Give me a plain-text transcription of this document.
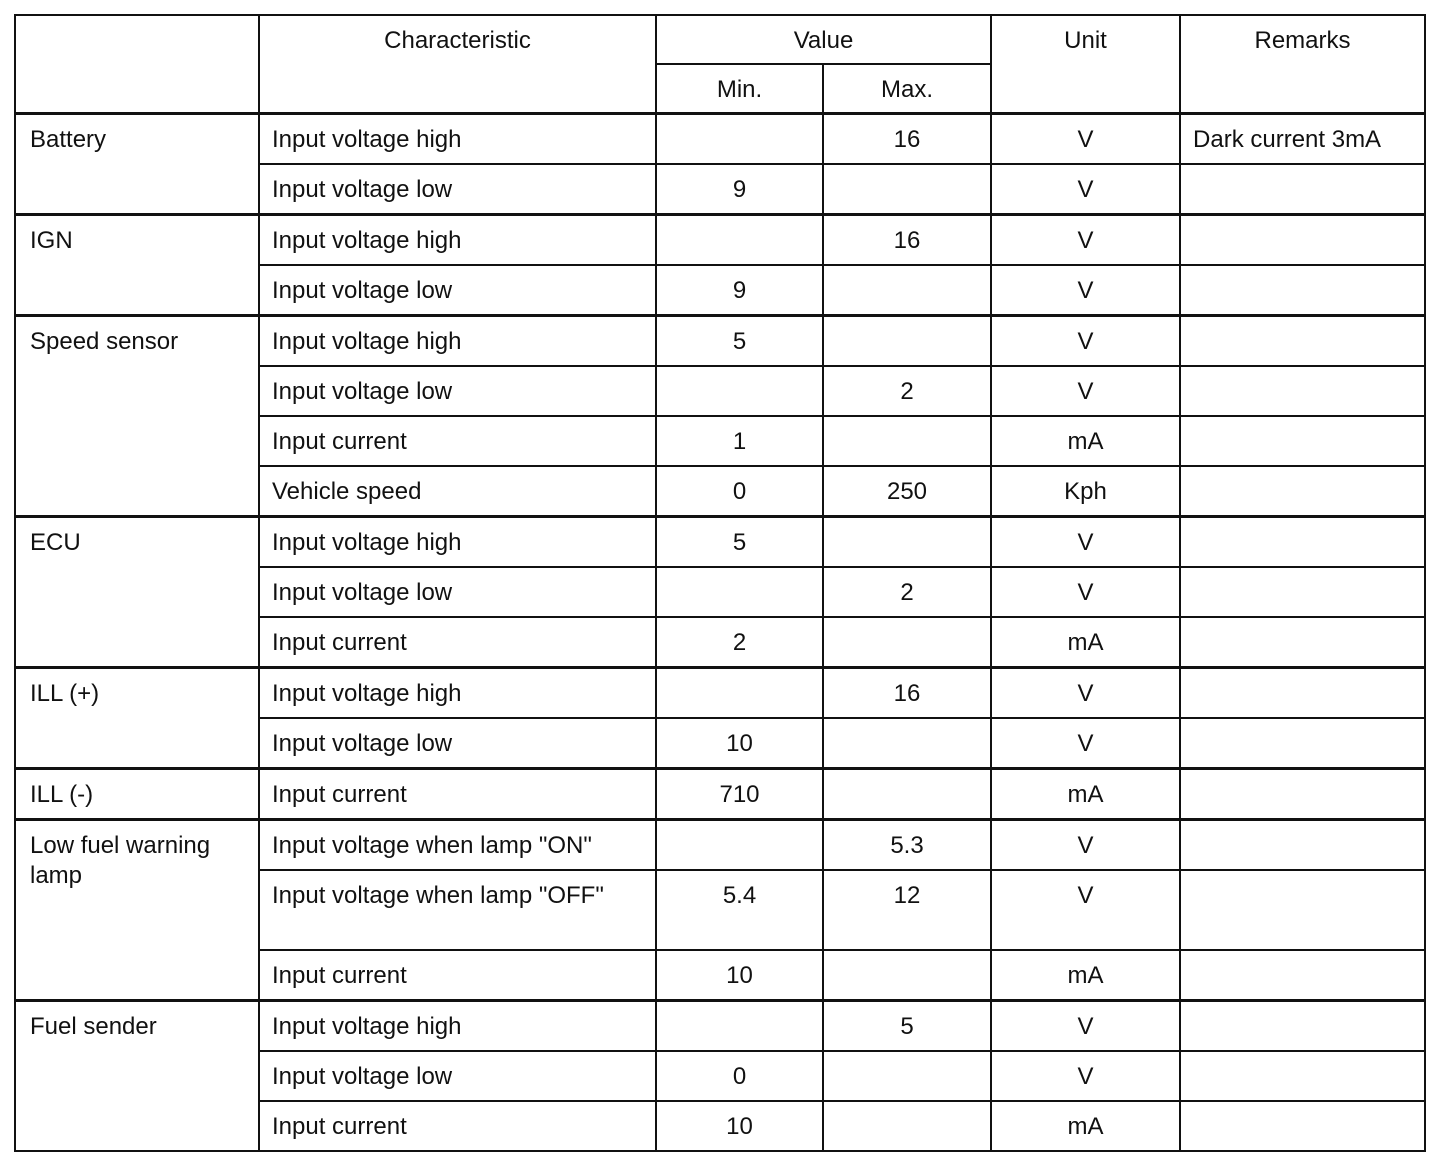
	Characteristic	Value		Unit	Remarks
		Min.	Max.		
Battery	Input voltage high		16	V	Dark current 3mA
	Input voltage low	9		V	
IGN	Input voltage high		16	V	
	Input voltage low	9		V	
Speed sensor	Input voltage high	5		V	
	Input voltage low		2	V	
	Input current	1		mA	
	Vehicle speed	0	250	Kph	
ECU	Input voltage high	5		V	
	Input voltage low		2	V	
	Input current	2		mA	
ILL (+)	Input voltage high		16	V	
	Input voltage low	10		V	
ILL (-)	Input current	710		mA	
Low fuel warning lamp	Input voltage when lamp "ON"		5.3	V	
	Input voltage when lamp "OFF"	5.4	12	V	
	Input current	10		mA	
Fuel sender	Input voltage high		5	V	
	Input voltage low	0		V	
	Input current	10		mA	
